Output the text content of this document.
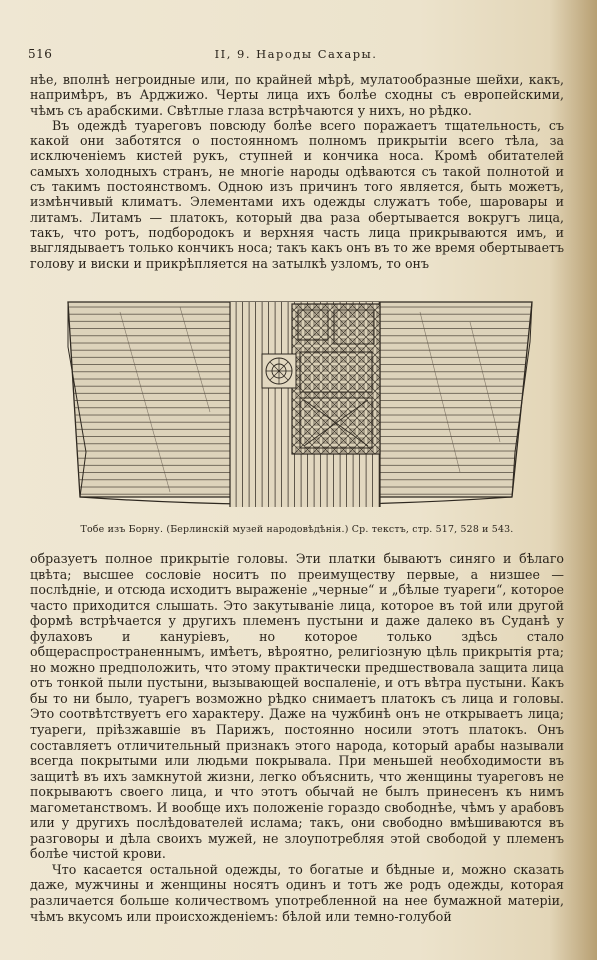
516	II, 9. Народы Сахары.

нѣе, вполнѣ негроидные или, по крайней мѣрѣ, мулатообразные шейхи, какъ, напримѣръ, въ Арджижо. Черты лица ихъ болѣе сходны съ европейскими, чѣмъ съ арабскими. Свѣтлые глаза встрѣчаются у нихъ, но рѣдко.

Въ одеждѣ туареговъ повсюду болѣе всего поражаетъ тщательность, съ какой они заботятся о постоянномъ полномъ прикрытіи всего тѣла, за исключеніемъ кистей рукъ, ступней и кончика носа. Кромѣ обитателей самыхъ холодныхъ странъ, не многіе народы одѣваются съ такой полнотой и съ такимъ постоянствомъ. Одною изъ причинъ того является, быть можетъ, измѣнчивый климатъ. Элементами ихъ одежды служатъ тобе, шаровары и литамъ. Литамъ — платокъ, который два раза обертывается вокругъ лица, такъ, что ротъ, подбородокъ и верхняя часть лица прикрываются имъ, и выглядываетъ только кончикъ носа; такъ какъ онъ въ то же время обертываетъ голову и виски и прикрѣпляется на затылкѣ узломъ, то онъ

Тобе изъ Борну. (Берлинскій музей народовѣдѣнія.) Ср. текстъ, стр. 517, 528 и 543.

образуетъ полное прикрытіе головы. Эти платки бываютъ синяго и бѣлаго цвѣта; высшее сословіе носитъ по преимуществу первые, а низшее — послѣдніе, и отсюда исходитъ выраженіе „черные“ и „бѣлые туареги“, которое часто приходится слышать. Это закутываніе лица, которое въ той или другой формѣ встрѣчается у другихъ племенъ пустыни и даже далеко въ Суданѣ у фулаховъ и кануріевъ, но которое только здѣсь стало общераспространеннымъ, имѣетъ, вѣроятно, религіозную цѣль прикрытія рта; но можно предположить, что этому практически предшествовала защита лица отъ тонкой пыли пустыни, вызывающей воспаленіе, и отъ вѣтра пустыни. Какъ бы то ни было, туарегъ возможно рѣдко снимаетъ платокъ съ лица и головы. Это соотвѣтствуетъ его характеру. Даже на чужбинѣ онъ не открываетъ лица; туареги, пріѣзжавшіе въ Парижъ, постоянно носили этотъ платокъ. Онъ составляетъ отличительный признакъ этого народа, который арабы называли всегда покрытыми или людьми покрывала. При меньшей необходимости въ защитѣ въ ихъ замкнутой жизни, легко объяснить, что женщины туареговъ не покрываютъ своего лица, и что этотъ обычай не былъ принесенъ къ нимъ магометанствомъ. И вообще ихъ положеніе гораздо свободнѣе, чѣмъ у арабовъ или у другихъ послѣдователей ислама; такъ, они свободно вмѣшиваются въ разговоры и дѣла своихъ мужей, не злоупотребляя этой свободой у племенъ болѣе чистой крови.

Что касается остальной одежды, то богатые и бѣдные и, можно сказать даже, мужчины и женщины носятъ одинъ и тотъ же родъ одежды, которая различается больше количествомъ употребленной на нее бумажной матеріи, чѣмъ вкусомъ или происхожденіемъ: бѣлой или темно-голубой
